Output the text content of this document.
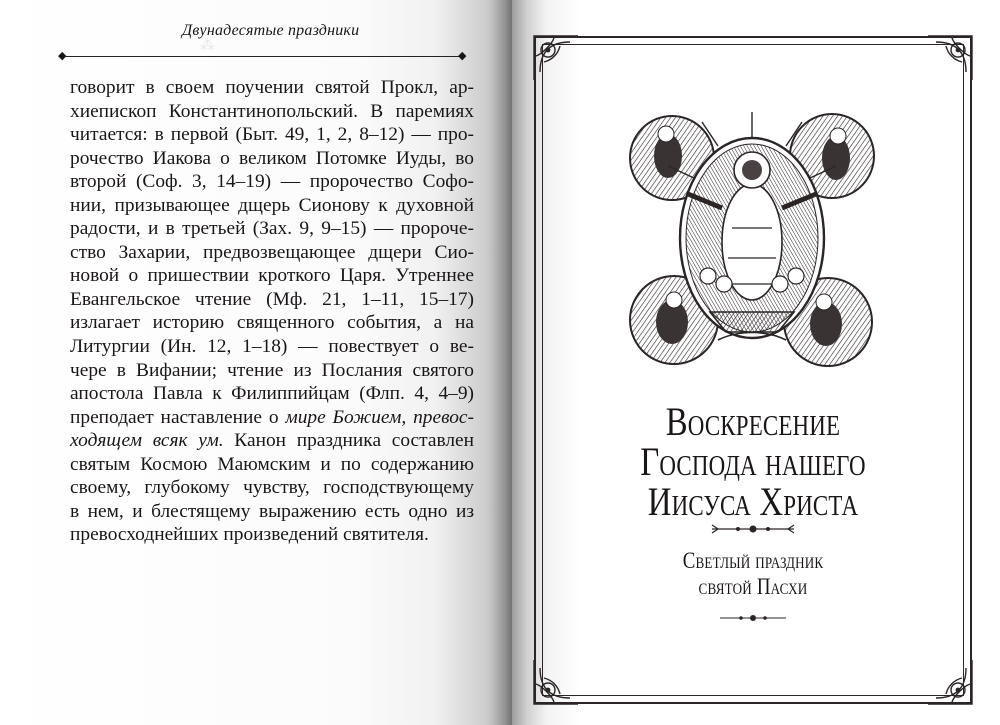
⁂
Двунадесятые праздники
◆	◆
говорит в своем поучении святой Прокл, ар-
хиепископ Константинопольский. В паремиях
читается: в первой (Быт. 49, 1, 2, 8–12) — про-
рочество Иакова о великом Потомке Иуды, во
второй (Соф. 3, 14–19) — пророчество Софо-
нии, призывающее дщерь Сионову к духовной
радости, и в третьей (Зах. 9, 9–15) — пророче-
ство Захарии, предвозвещающее дщери Сио-
новой о пришествии кроткого Царя. Утреннее
Евангельское чтение (Мф. 21, 1–11, 15–17)
излагает историю священного события, а на
Литургии (Ин. 12, 1–18) — повествует о ве-
чере в Вифании; чтение из Послания святого
апостола Павла к Филиппийцам (Флп. 4, 4–9)
преподает наставление о мире Божием, превос-
ходящем всяк ум. Канон праздника составлен
святым Космою Маюмским и по содержанию
своему, глубокому чувству, господствующему
в нем, и блестящему выражению есть одно из
превосходнейших произведений святителя.
Воскресение
Господа нашего
Иисуса Христа
Светлый праздник
святой Пасхи
